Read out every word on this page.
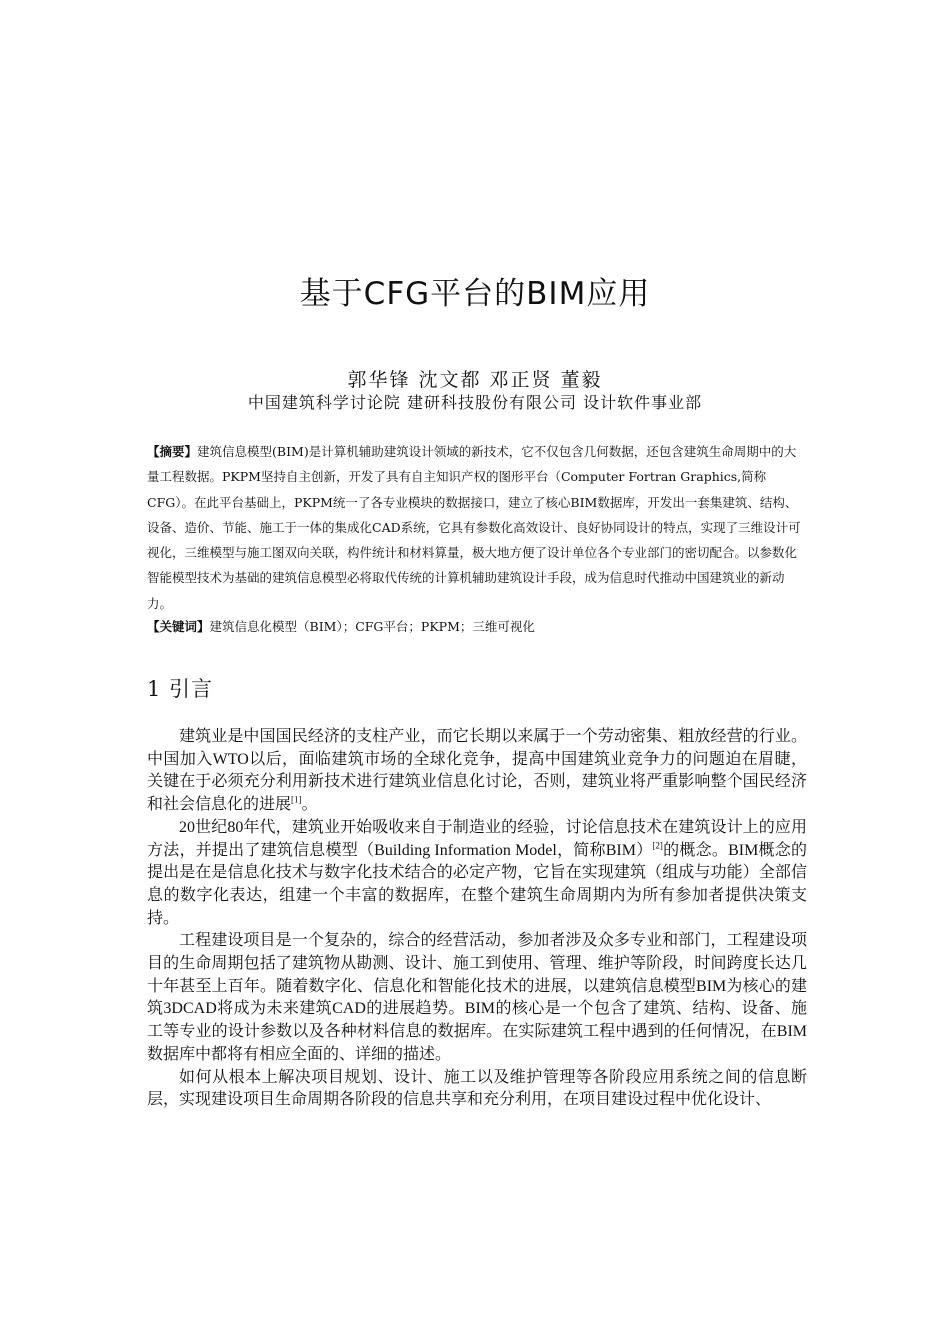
基于CFG平台的BIM应用
郭华锋 沈文都 邓正贤 董毅
中国建筑科学讨论院 建研科技股份有限公司 设计软件事业部
【摘要】建筑信息模型(BIM)是计算机辅助建筑设计领域的新技术，它不仅包含几何数据，还包含建筑生命周期中的大量工程数据。PKPM坚持自主创新，开发了具有自主知识产权的图形平台（Computer Fortran Graphics,简称CFG）。在此平台基础上，PKPM统一了各专业模块的数据接口，建立了核心BIM数据库，开发出一套集建筑、结构、设备、造价、节能、施工于一体的集成化CAD系统，它具有参数化高效设计、良好协同设计的特点，实现了三维设计可视化，三维模型与施工图双向关联，构件统计和材料算量，极大地方便了设计单位各个专业部门的密切配合。以参数化智能模型技术为基础的建筑信息模型必将取代传统的计算机辅助建筑设计手段，成为信息时代推动中国建筑业的新动力。
【关键词】建筑信息化模型（BIM）；CFG平台；PKPM；三维可视化
1 引言

建筑业是中国国民经济的支柱产业，而它长期以来属于一个劳动密集、粗放经营的行业。中国加入WTO以后，面临建筑市场的全球化竞争，提高中国建筑业竞争力的问题迫在眉睫，关键在于必须充分利用新技术进行建筑业信息化讨论，否则，建筑业将严重影响整个国民经济和社会信息化的进展[1]。

20世纪80年代，建筑业开始吸收来自于制造业的经验，讨论信息技术在建筑设计上的应用方法，并提出了建筑信息模型（Building Information Model，简称BIM）[2]的概念。BIM概念的提出是在是信息化技术与数字化技术结合的必定产物，它旨在实现建筑（组成与功能）全部信息的数字化表达，组建一个丰富的数据库，在整个建筑生命周期内为所有参加者提供决策支持。

工程建设项目是一个复杂的，综合的经营活动，参加者涉及众多专业和部门，工程建设项目的生命周期包括了建筑物从勘测、设计、施工到使用、管理、维护等阶段，时间跨度长达几十年甚至上百年。随着数字化、信息化和智能化技术的进展，以建筑信息模型BIM为核心的建筑3DCAD将成为未来建筑CAD的进展趋势。BIM的核心是一个包含了建筑、结构、设备、施工等专业的设计参数以及各种材料信息的数据库。在实际建筑工程中遇到的任何情况，在BIM数据库中都将有相应全面的、详细的描述。

如何从根本上解决项目规划、设计、施工以及维护管理等各阶段应用系统之间的信息断层，实现建设项目生命周期各阶段的信息共享和充分利用，在项目建设过程中优化设计、
